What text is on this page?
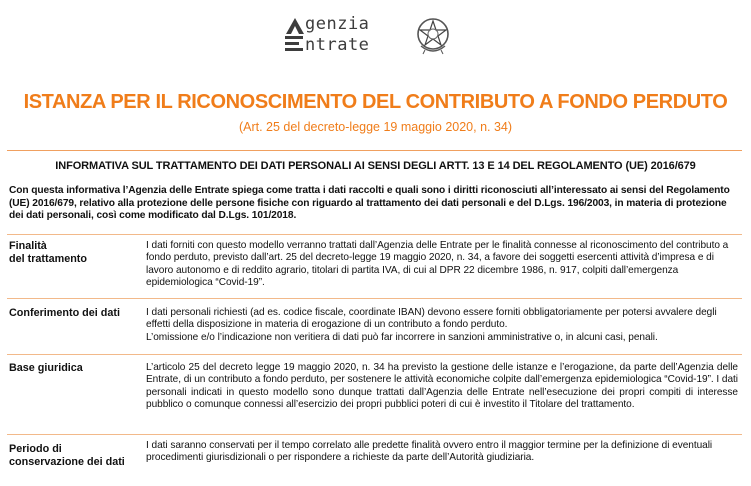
genzia
ntrate
ISTANZA PER IL RICONOSCIMENTO DEL CONTRIBUTO A FONDO PERDUTO
(Art. 25 del decreto-legge 19 maggio 2020, n. 34)
INFORMATIVA SUL TRATTAMENTO DEI DATI PERSONALI AI SENSI DEGLI ARTT. 13 E 14 DEL REGOLAMENTO (UE) 2016/679
Con questa informativa l’Agenzia delle Entrate spiega come tratta i dati raccolti e quali sono i diritti riconosciuti all’interessato ai sensi del Regolamento (UE) 2016/679, relativo alla protezione delle persone fisiche con riguardo al trattamento dei dati personali e del D.Lgs. 196/2003, in materia di protezione dei dati personali, così come modificato dal D.Lgs. 101/2018.
Finalità
del trattamento
I dati forniti con questo modello verranno trattati dall’Agenzia delle Entrate per le finalità connesse al riconoscimento del contributo a fondo perduto, previsto dall’art. 25 del decreto-legge 19 maggio 2020, n. 34, a favore dei soggetti esercenti attività d’impresa e di lavoro autonomo e di reddito agrario, titolari di partita IVA, di cui al DPR 22 dicembre 1986, n. 917, colpiti dall’emergenza epidemiologica “Covid-19”.
Conferimento dei dati	I dati personali richiesti (ad es. codice fiscale, coordinate IBAN) devono essere forniti obbligatoriamente per potersi avvalere degli effetti della disposizione in materia di erogazione di un contributo a fondo perduto.
L’omissione e/o l’indicazione non veritiera di dati può far incorrere in sanzioni amministrative o, in alcuni casi, penali.
Base giuridica	L’articolo 25 del decreto legge 19 maggio 2020, n. 34 ha previsto la gestione delle istanze e l’erogazione, da parte dell’Agenzia delle Entrate, di un contributo a fondo perduto, per sostenere le attività economiche colpite dall’emergenza epidemiologica “Covid-19”. I dati personali indicati in questo modello sono dunque trattati dall’Agenzia delle Entrate nell’esecuzione dei propri compiti di interesse pubblico o comunque connessi all’esercizio dei propri pubblici poteri di cui è investito il Titolare del trattamento.
Periodo di
conservazione dei dati
I dati saranno conservati per il tempo correlato alle predette finalità ovvero entro il maggior termine per la definizione di eventuali procedimenti giurisdizionali o per rispondere a richieste da parte dell’Autorità giudiziaria.
